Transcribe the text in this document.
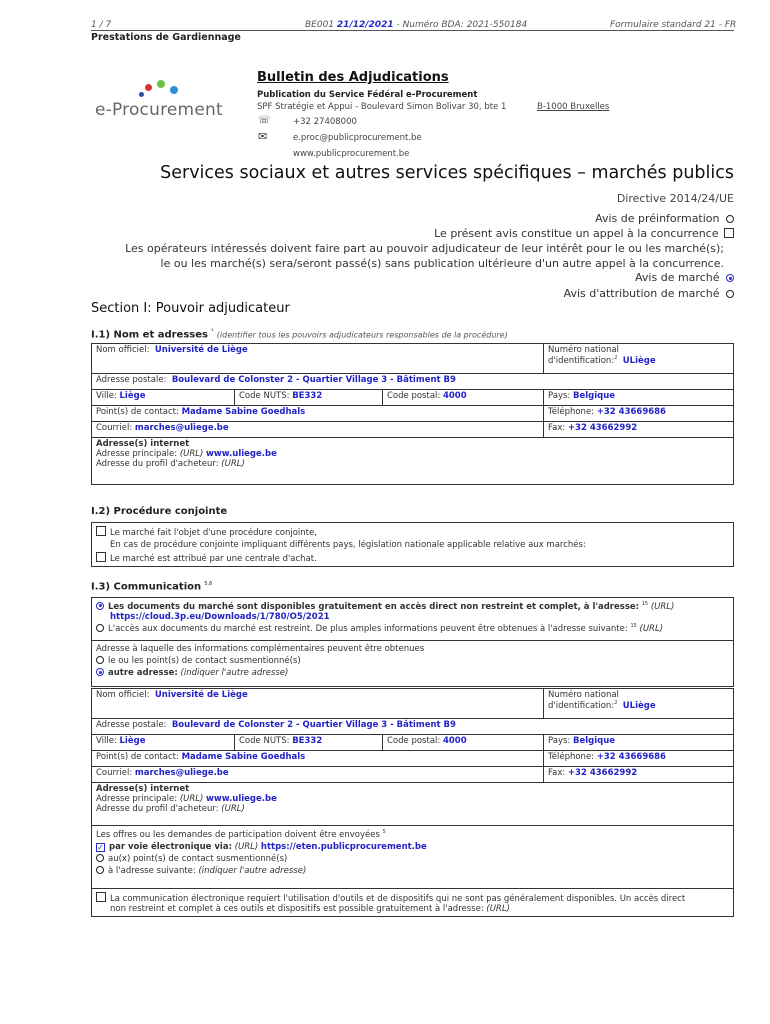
1 / 7	BE001 21/12/2021 - Numéro BDA: 2021-550184	Formulaire standard 21 - FR
Prestations de Gardiennage
e-Procurement
Bulletin des Adjudications
Publication du Service Fédéral e-Procurement
SPF Stratégie et Appui - Boulevard Simon Bolivar 30, bte 1	B-1000 Bruxelles
☏	+32 27408000
✉	e.proc@publicprocurement.be
www.publicprocurement.be
Services sociaux et autres services spécifiques – marchés publics
Directive 2014/24/UE
Avis de préinformation
Le présent avis constitue un appel à la concurrence
Les opérateurs intéressés doivent faire part au pouvoir adjudicateur de leur intérêt pour le ou les marché(s);
le ou les marché(s) sera/seront passé(s) sans publication ultérieure d'un autre appel à la concurrence.
Avis de marché
Avis d'attribution de marché
Section I: Pouvoir adjudicateur
I.1) Nom et adresses $^{^1}$ (identifier tous les pouvoirs adjudicateurs responsables de la procédure)
Nom officiel: Université de Liège			Numéro national
d'identification:$^2$ ULiège
Adresse postale: Boulevard de Colonster 2 - Quartier Village 3 - Bâtiment B9			
Ville: Liège	Code NUTS: BE332	Code postal: 4000	Pays: Belgique
Point(s) de contact: Madame Sabine Goedhals			Téléphone: +32 43669686
Courriel: marches@uliege.be			Fax: +32 43662992
Adresse(s) internet
Adresse principale: (URL) www.uliege.be
Adresse du profil d'acheteur: (URL)			
I.2) Procédure conjointe
Le marché fait l'objet d'une procédure conjointe,
En cas de procédure conjointe impliquant différents pays, législation nationale applicable relative aux marchés:
Le marché est attribué par une centrale d'achat.
I.3) Communication $^{5,6}$
Les documents du marché sont disponibles gratuitement en accès direct non restreint et complet, à l'adresse: $^{15}$ (URL)
https://cloud.3p.eu/Downloads/1/780/O5/2021
L'accès aux documents du marché est restreint. De plus amples informations peuvent être obtenues à l'adresse suivante: $^{15}$ (URL)

Adresse à laquelle des informations complémentaires peuvent être obtenues
le ou les point(s) de contact susmentionné(s)
autre adresse: (indiquer l'autre adresse)
Nom officiel: Université de Liège			Numéro national
d'identification:$^2$ ULiège
Adresse postale: Boulevard de Colonster 2 - Quartier Village 3 - Bâtiment B9			
Ville: Liège	Code NUTS: BE332	Code postal: 4000	Pays: Belgique
Point(s) de contact: Madame Sabine Goedhals			Téléphone: +32 43669686
Courriel: marches@uliege.be			Fax: +32 43662992
Adresse(s) internet
Adresse principale: (URL) www.uliege.be
Adresse du profil d'acheteur: (URL)			

Les offres ou les demandes de participation doivent être envoyées $^5$
✓ par voie électronique via: (URL) https://eten.publicprocurement.be
au(x) point(s) de contact susmentionné(s)
à l'adresse suivante: (indiquer l'autre adresse)			

La communication électronique requiert l'utilisation d'outils et de dispositifs qui ne sont pas généralement disponibles. Un accès direct
non restreint et complet à ces outils et dispositifs est possible gratuitement à l'adresse: (URL)			
